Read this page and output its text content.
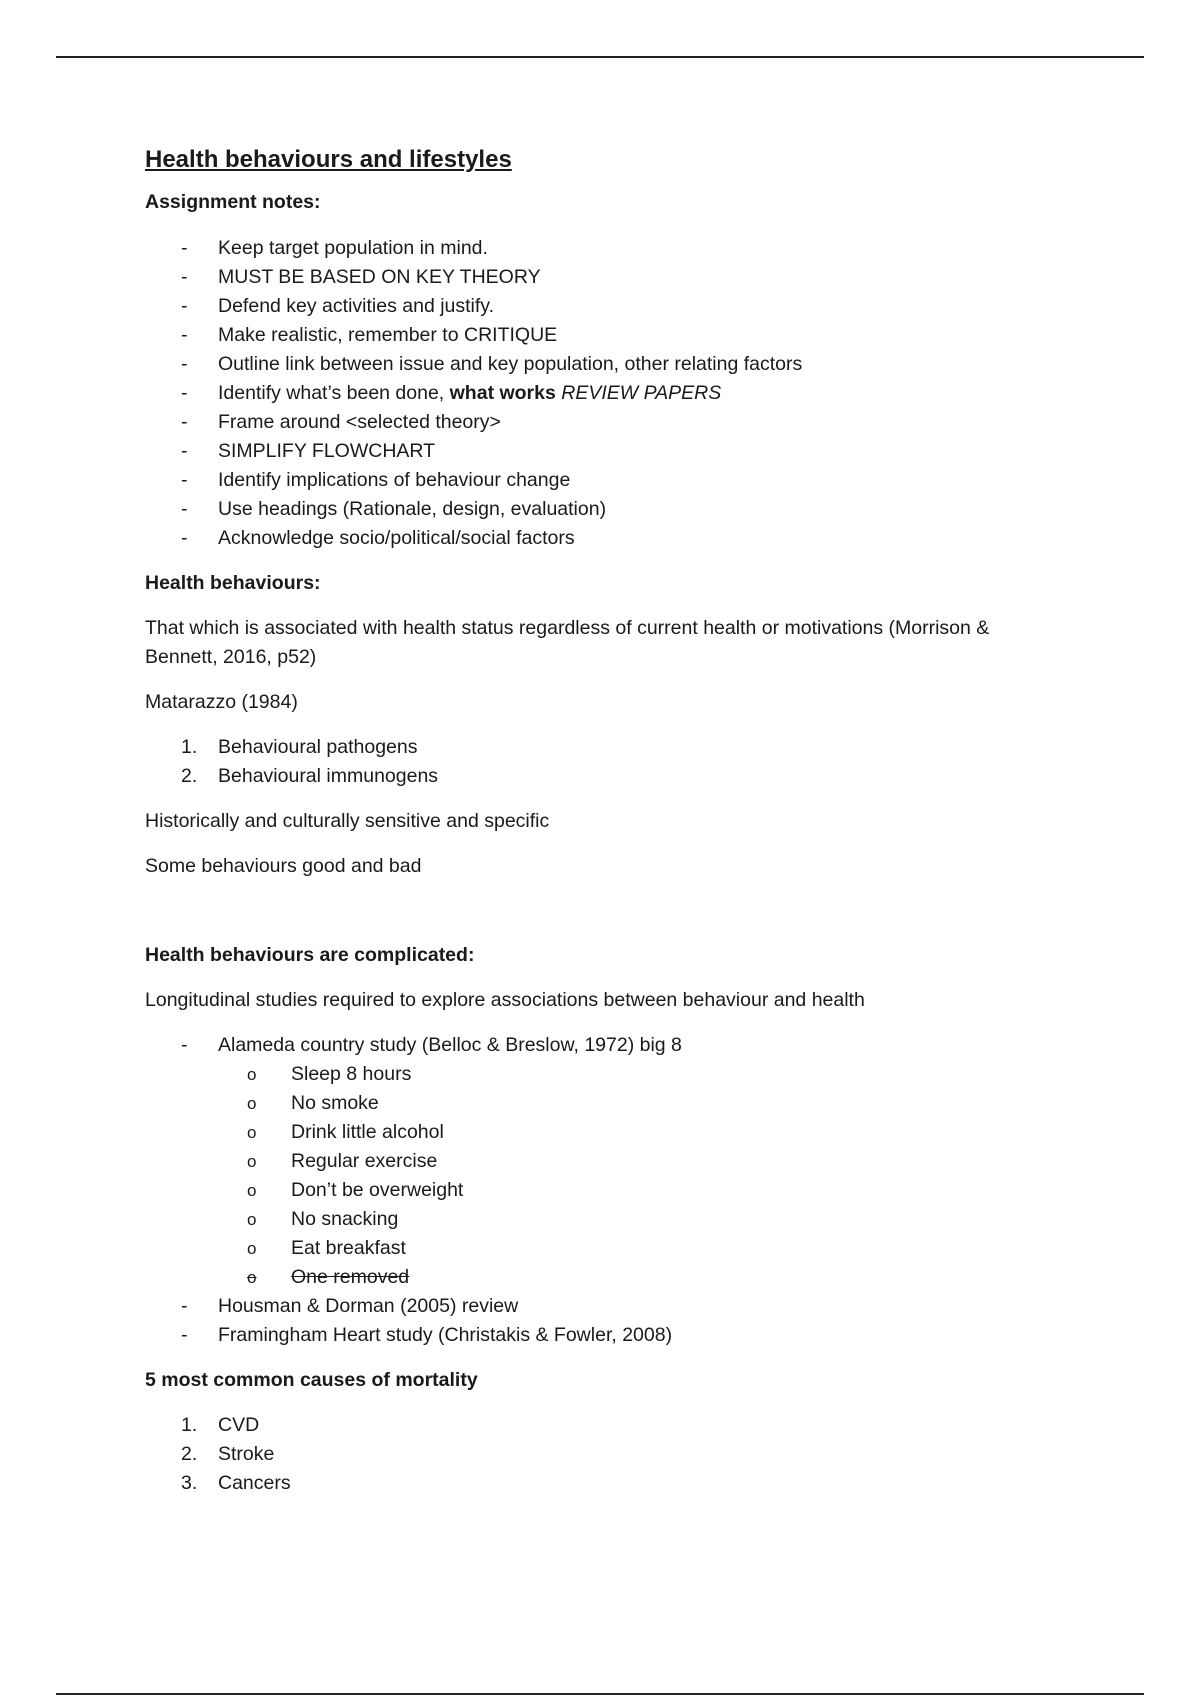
Health behaviours and lifestyles

Assignment notes:

-	Keep target population in mind.
-	MUST BE BASED ON KEY THEORY
-	Defend key activities and justify.
-	Make realistic, remember to CRITIQUE
-	Outline link between issue and key population, other relating factors
-	Identify what’s been done, what works REVIEW PAPERS
-	Frame around <selected theory>
-	SIMPLIFY FLOWCHART
-	Identify implications of behaviour change
-	Use headings (Rationale, design, evaluation)
-	Acknowledge socio/political/social factors

Health behaviours:

That which is associated with health status regardless of current health or motivations (Morrison & Bennett, 2016, p52)

Matarazzo (1984)

1.	Behavioural pathogens
2.	Behavioural immunogens

Historically and culturally sensitive and specific

Some behaviours good and bad

Health behaviours are complicated:

Longitudinal studies required to explore associations between behaviour and health

-	Alameda country study (Belloc & Breslow, 1972) big 8
o	Sleep 8 hours
o	No smoke
o	Drink little alcohol
o	Regular exercise
o	Don’t be overweight
o	No snacking
o	Eat breakfast
o	One removed
-	Housman & Dorman (2005) review
-	Framingham Heart study (Christakis & Fowler, 2008)

5 most common causes of mortality

1.	CVD
2.	Stroke
3.	Cancers
